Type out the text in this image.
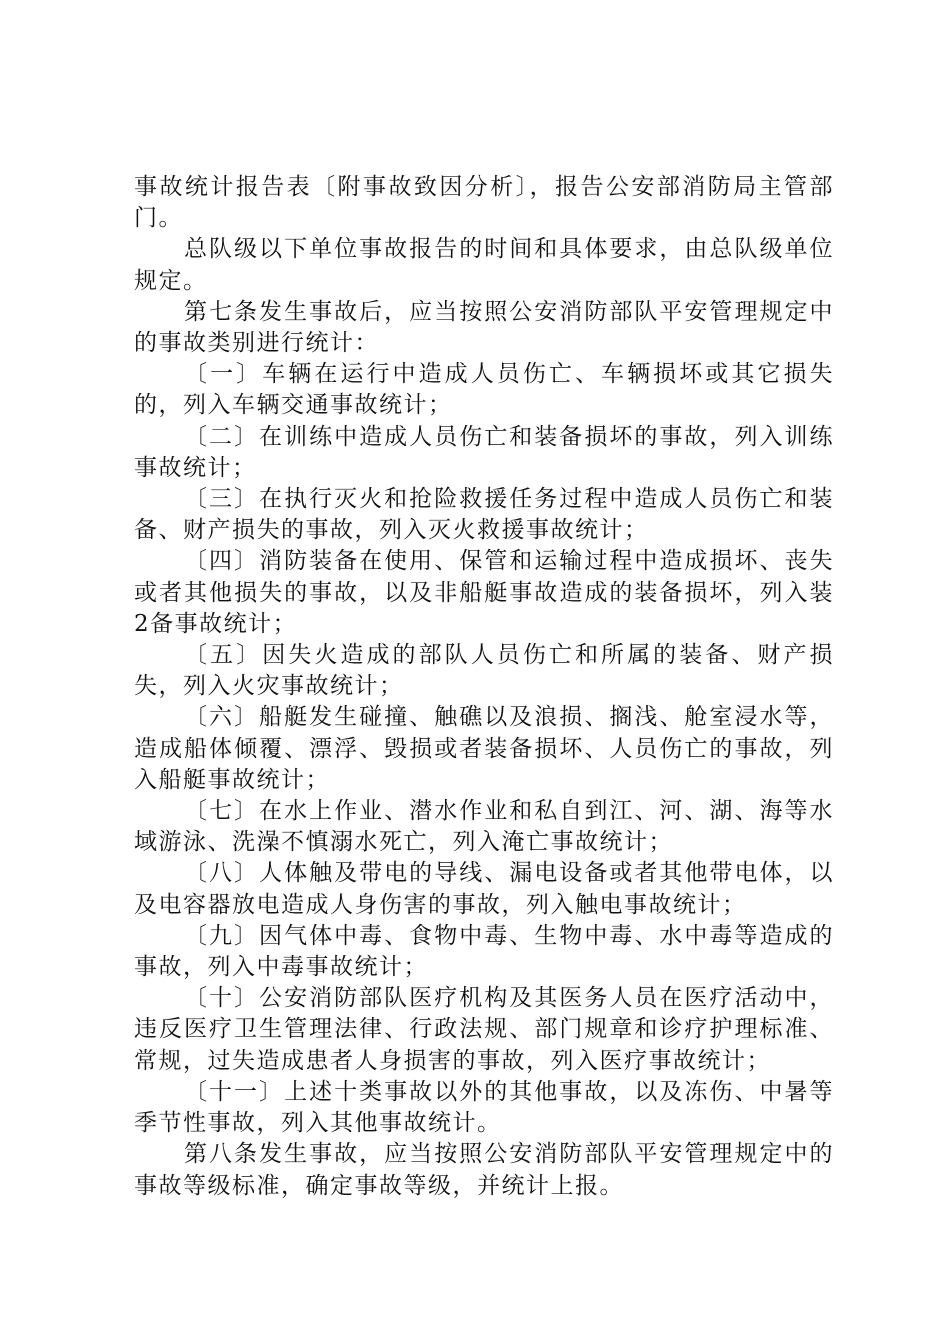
事故统计报告表〔附事故致因分析〕，报告公安部消防局主管部门。

总队级以下单位事故报告的时间和具体要求，由总队级单位规定。

第七条发生事故后，应当按照公安消防部队平安管理规定中的事故类别进行统计：

〔一〕车辆在运行中造成人员伤亡、车辆损坏或其它损失的，列入车辆交通事故统计；

〔二〕在训练中造成人员伤亡和装备损坏的事故，列入训练事故统计；

〔三〕在执行灭火和抢险救援任务过程中造成人员伤亡和装备、财产损失的事故，列入灭火救援事故统计；

〔四〕消防装备在使用、保管和运输过程中造成损坏、丧失或者其他损失的事故，以及非船艇事故造成的装备损坏，列入装2备事故统计；

〔五〕因失火造成的部队人员伤亡和所属的装备、财产损失，列入火灾事故统计；

〔六〕船艇发生碰撞、触礁以及浪损、搁浅、舱室浸水等，造成船体倾覆、漂浮、毁损或者装备损坏、人员伤亡的事故，列入船艇事故统计；

〔七〕在水上作业、潜水作业和私自到江、河、湖、海等水域游泳、洗澡不慎溺水死亡，列入淹亡事故统计；

〔八〕人体触及带电的导线、漏电设备或者其他带电体，以及电容器放电造成人身伤害的事故，列入触电事故统计；

〔九〕因气体中毒、食物中毒、生物中毒、水中毒等造成的事故，列入中毒事故统计；

〔十〕公安消防部队医疗机构及其医务人员在医疗活动中，违反医疗卫生管理法律、行政法规、部门规章和诊疗护理标准、常规，过失造成患者人身损害的事故，列入医疗事故统计；

〔十一〕上述十类事故以外的其他事故，以及冻伤、中暑等季节性事故，列入其他事故统计。

第八条发生事故，应当按照公安消防部队平安管理规定中的事故等级标准，确定事故等级，并统计上报。
